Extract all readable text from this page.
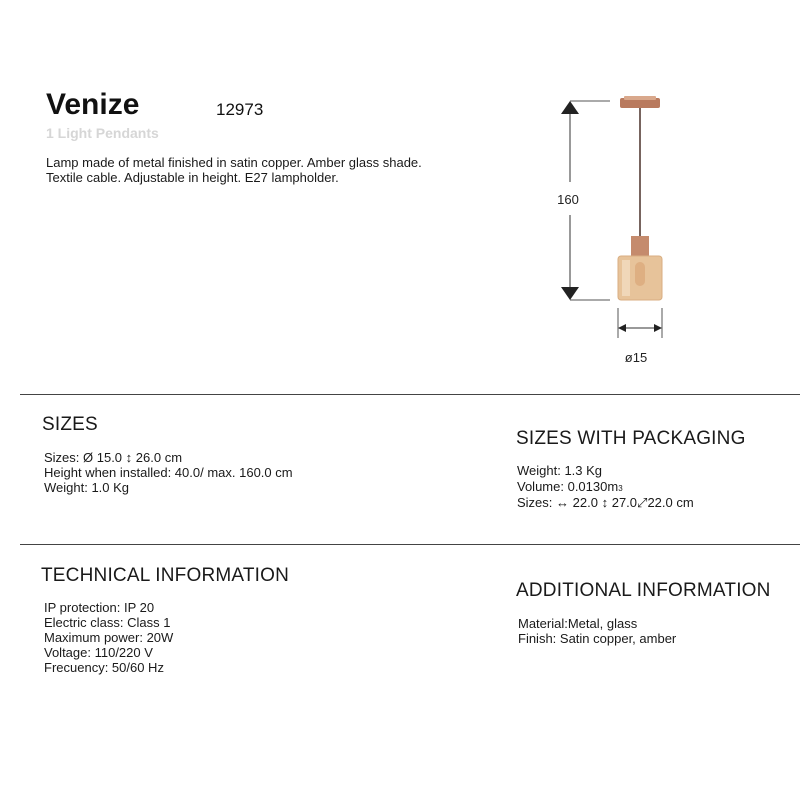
Venize	12973
1 Light Pendants
Lamp made of metal finished in satin copper. Amber glass shade. Textile cable. Adjustable in height. E27 lampholder.
160
ø15
SIZES
Sizes: Ø 15.0 ↕ 26.0 cm
Height when installed: 40.0/ max. 160.0 cm
Weight: 1.0 Kg
SIZES WITH PACKAGING
Weight: 1.3 Kg
Volume: $0.0130m^3$
Sizes: ↔ 22.0 ↕ 27.0⤢22.0 cm
TECHNICAL INFORMATION
IP protection: IP 20
Electric class: Class 1
Maximum power: 20W
Voltage: 110/220 V
Frecuency: 50/60 Hz
ADDITIONAL INFORMATION
Material:Metal, glass
Finish: Satin copper, amber
